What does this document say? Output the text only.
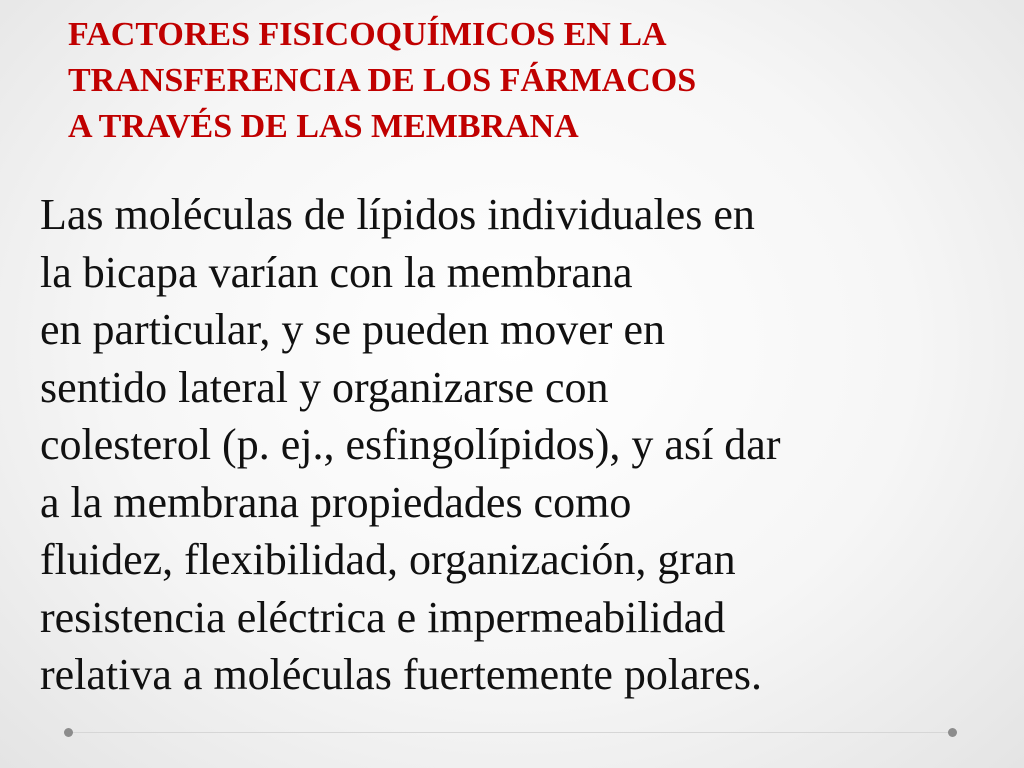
FACTORES FISICOQUÍMICOS EN LA
TRANSFERENCIA DE LOS FÁRMACOS
A TRAVÉS DE LAS MEMBRANA

Las moléculas de lípidos individuales en
la bicapa varían con la membrana
en particular, y se pueden mover en
sentido lateral y organizarse con
colesterol (p. ej., esfingolípidos), y así dar
a la membrana propiedades como
fluidez, flexibilidad, organización, gran
resistencia eléctrica e impermeabilidad
relativa a moléculas fuertemente polares.
